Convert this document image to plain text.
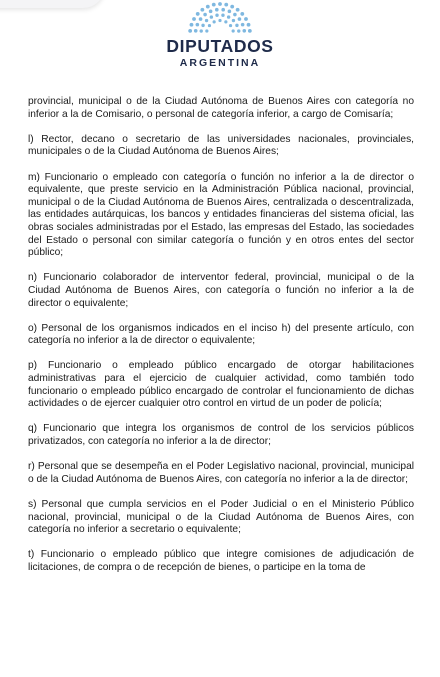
DIPUTADOS
ARGENTINA

provincial, municipal o de la Ciudad Autónoma de Buenos Aires con categoría no inferior a la de Comisario, o personal de categoría inferior, a cargo de Comisaría;

l) Rector, decano o secretario de las universidades nacionales, provinciales, municipales o de la Ciudad Autónoma de Buenos Aires;

m) Funcionario o empleado con categoría o función no inferior a la de director o equivalente, que preste servicio en la Administración Pública nacional, provincial, municipal o de la Ciudad Autónoma de Buenos Aires, centralizada o descentralizada, las entidades autárquicas, los bancos y entidades financieras del sistema oficial, las obras sociales administradas por el Estado, las empresas del Estado, las sociedades del Estado o personal con similar categoría o función y en otros entes del sector público;

n) Funcionario colaborador de interventor federal, provincial, municipal o de la Ciudad Autónoma de Buenos Aires, con categoría o función no inferior a la de director o equivalente;

o) Personal de los organismos indicados en el inciso h) del presente artículo, con categoría no inferior a la de director o equivalente;

p) Funcionario o empleado público encargado de otorgar habilitaciones administrativas para el ejercicio de cualquier actividad, como también todo funcionario o empleado público encargado de controlar el funcionamiento de dichas actividades o de ejercer cualquier otro control en virtud de un poder de policía;

q) Funcionario que integra los organismos de control de los servicios públicos privatizados, con categoría no inferior a la de director;

r) Personal que se desempeña en el Poder Legislativo nacional, provincial, municipal o de la Ciudad Autónoma de Buenos Aires, con categoría no inferior a la de director;

s) Personal que cumpla servicios en el Poder Judicial o en el Ministerio Público nacional, provincial, municipal o de la Ciudad Autónoma de Buenos Aires, con categoría no inferior a secretario o equivalente;

t) Funcionario o empleado público que integre comisiones de adjudicación de licitaciones, de compra o de recepción de bienes, o participe en la toma de
